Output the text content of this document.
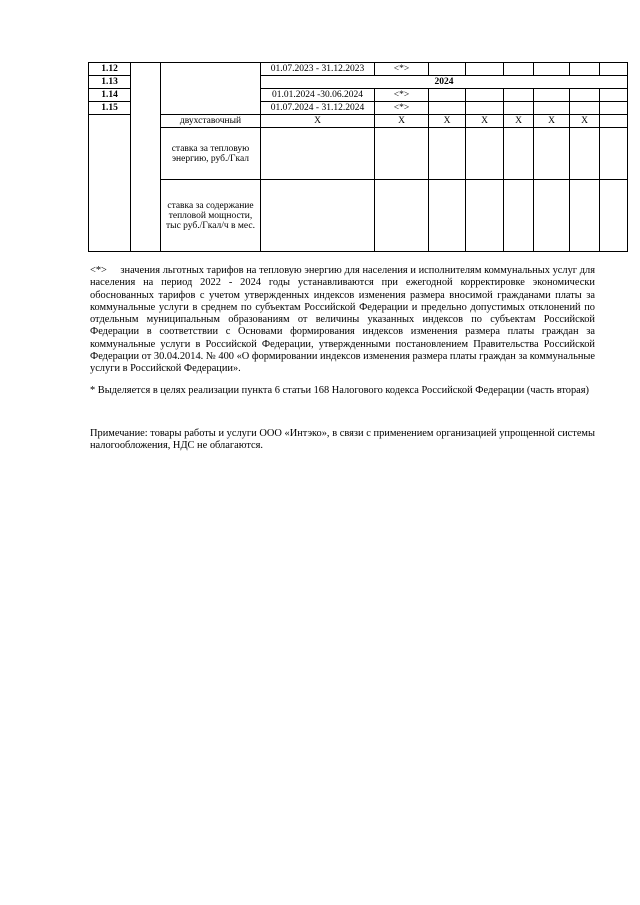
1.12			01.07.2023 - 31.12.2023	<*>						
1.13			2024							
1.14			01.01.2024 -30.06.2024	<*>						
1.15			01.07.2024 - 31.12.2024	<*>						
		двухставочный	X	X	X	X	X	X	X	
		ставка за тепловую энергию, руб./Гкал								
		ставка за содержание тепловой мощности, тыс руб./Гкал/ч в мес.								
<*> значения льготных тарифов на тепловую энергию для населения и исполнителям коммунальных услуг для населения на период 2022 - 2024 годы устанавливаются при ежегодной корректировке экономически обоснованных тарифов с учетом утвержденных индексов изменения размера вносимой гражданами платы за коммунальные услуги в среднем по субъектам Российской Федерации и предельно допустимых отклонений по отдельным муниципальным образованиям от величины указанных индексов по субъектам Российской Федерации в соответствии с Основами формирования индексов изменения размера платы граждан за коммунальные услуги в Российской Федерации, утвержденными постановлением Правительства Российской Федерации от 30.04.2014. № 400 «О формировании индексов изменения размера платы граждан за коммунальные услуги в Российской Федерации».
* Выделяется в целях реализации пункта 6 статьи 168 Налогового кодекса Российской Федерации (часть вторая)
Примечание: товары работы и услуги ООО «Интэко», в связи с применением организацией упрощенной системы налогообложения, НДС не облагаются.
